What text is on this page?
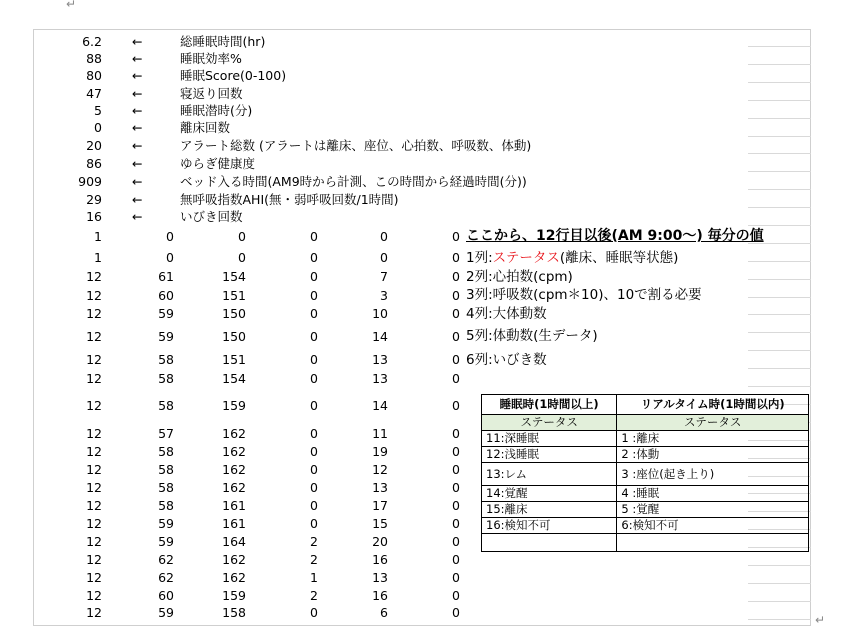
↵
↵
6.2 ←	総睡眠時間(hr)
88 ←	睡眠効率%
80 ←	睡眠Score(0-100)
47 ←	寝返り回数
5 ←	睡眠潜時(分)
0 ←	離床回数
20 ←	アラート総数 (アラートは離床、座位、心拍数、呼吸数、体動)
86 ←	ゆらぎ健康度
909 ←	ベッド入る時間(AM9時から計測、この時間から経過時間(分))
29 ←	無呼吸指数AHI(無・弱呼吸回数/1時間)
16 ←	いびき回数
1	0	0	0	0	0
1	0	0	0	0	0
12	61	154	0	7	0
12	60	151	0	3	0
12	59	150	0	10	0
12	59	150	0	14	0
12	58	151	0	13	0
12	58	154	0	13	0
12	58	159	0	14	0
12	57	162	0	11	0
12	58	162	0	19	0
12	58	162	0	12	0
12	58	162	0	13	0
12	58	161	0	17	0
12	59	161	0	15	0
12	59	164	2	20	0
12	62	162	2	16	0
12	62	162	1	13	0
12	60	159	2	16	0
12	59	158	0	6	0
ここから、12行目以後(AM 9:00～) 毎分の値
1列:ステータス(離床、睡眠等状態)
2列:心拍数(cpm)
3列:呼吸数(cpm＊10)、10で割る必要
4列:大体動数
5列:体動数(生データ)
6列:いびき数
睡眠時(1時間以上)	リアルタイム時(1時間以内)
ステータス	ステータス
11:深睡眠	1 :離床
12:浅睡眠	2 :体動
13:レム	3 :座位(起き上り)
14:覚醒	4 :睡眠
15:離床	5 :覚醒
16:検知不可	6:検知不可
